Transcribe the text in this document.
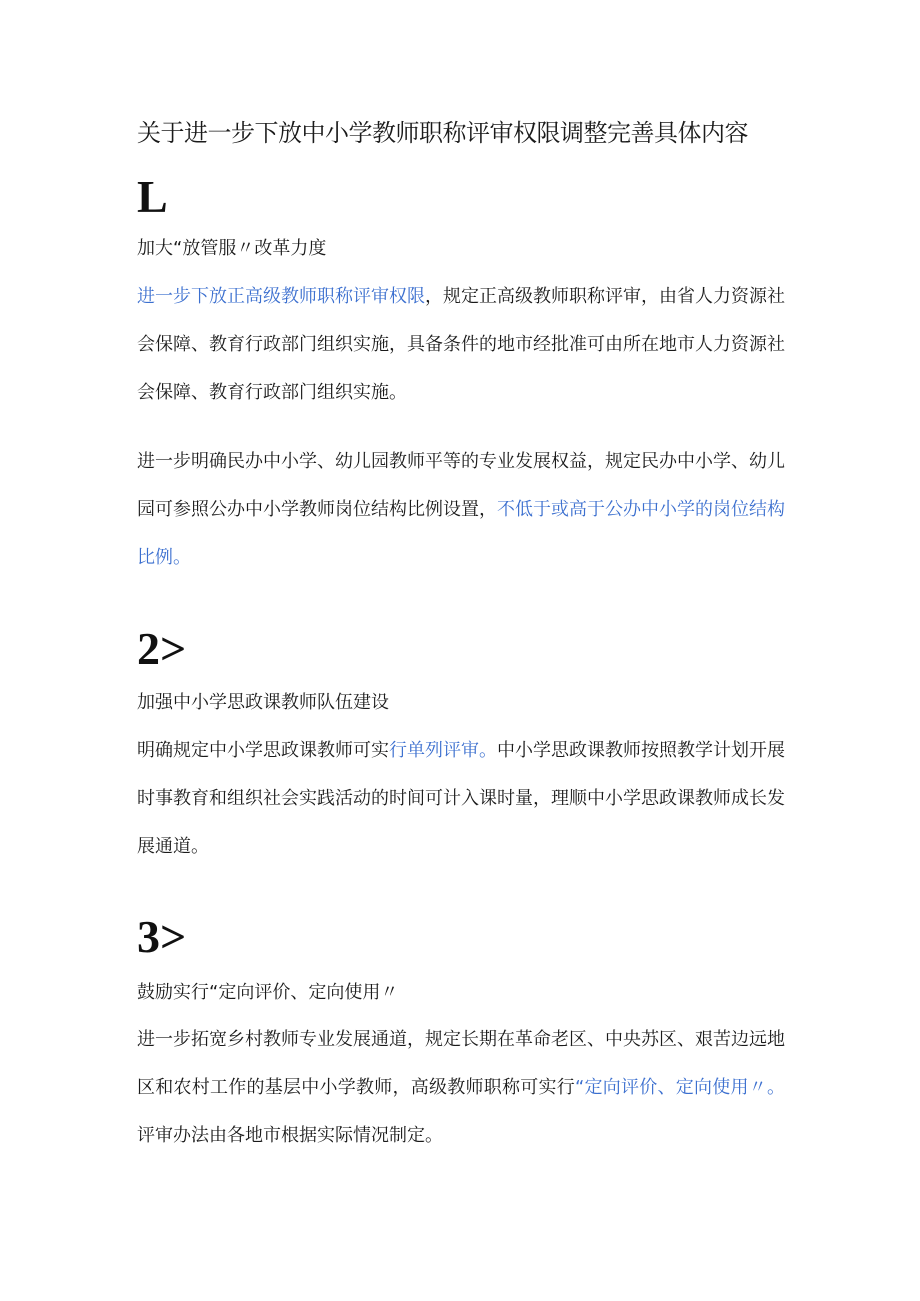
关于进一步下放中小学教师职称评审权限调整完善具体内容
L
加大“放管服〃改革力度

进一步下放正高级教师职称评审权限，规定正高级教师职称评审，由省人力资源社会保障、教育行政部门组织实施，具备条件的地市经批准可由所在地市人力资源社会保障、教育行政部门组织实施。

进一步明确民办中小学、幼儿园教师平等的专业发展权益，规定民办中小学、幼儿园可参照公办中小学教师岗位结构比例设置，不低于或高于公办中小学的岗位结构比例。

2>
加强中小学思政课教师队伍建设

明确规定中小学思政课教师可实行单列评审。中小学思政课教师按照教学计划开展时事教育和组织社会实践活动的时间可计入课时量，理顺中小学思政课教师成长发展通道。

3>
鼓励实行“定向评价、定向使用〃

进一步拓宽乡村教师专业发展通道，规定长期在革命老区、中央苏区、艰苦边远地区和农村工作的基层中小学教师，高级教师职称可实行“定向评价、定向使用〃。评审办法由各地市根据实际情况制定。
